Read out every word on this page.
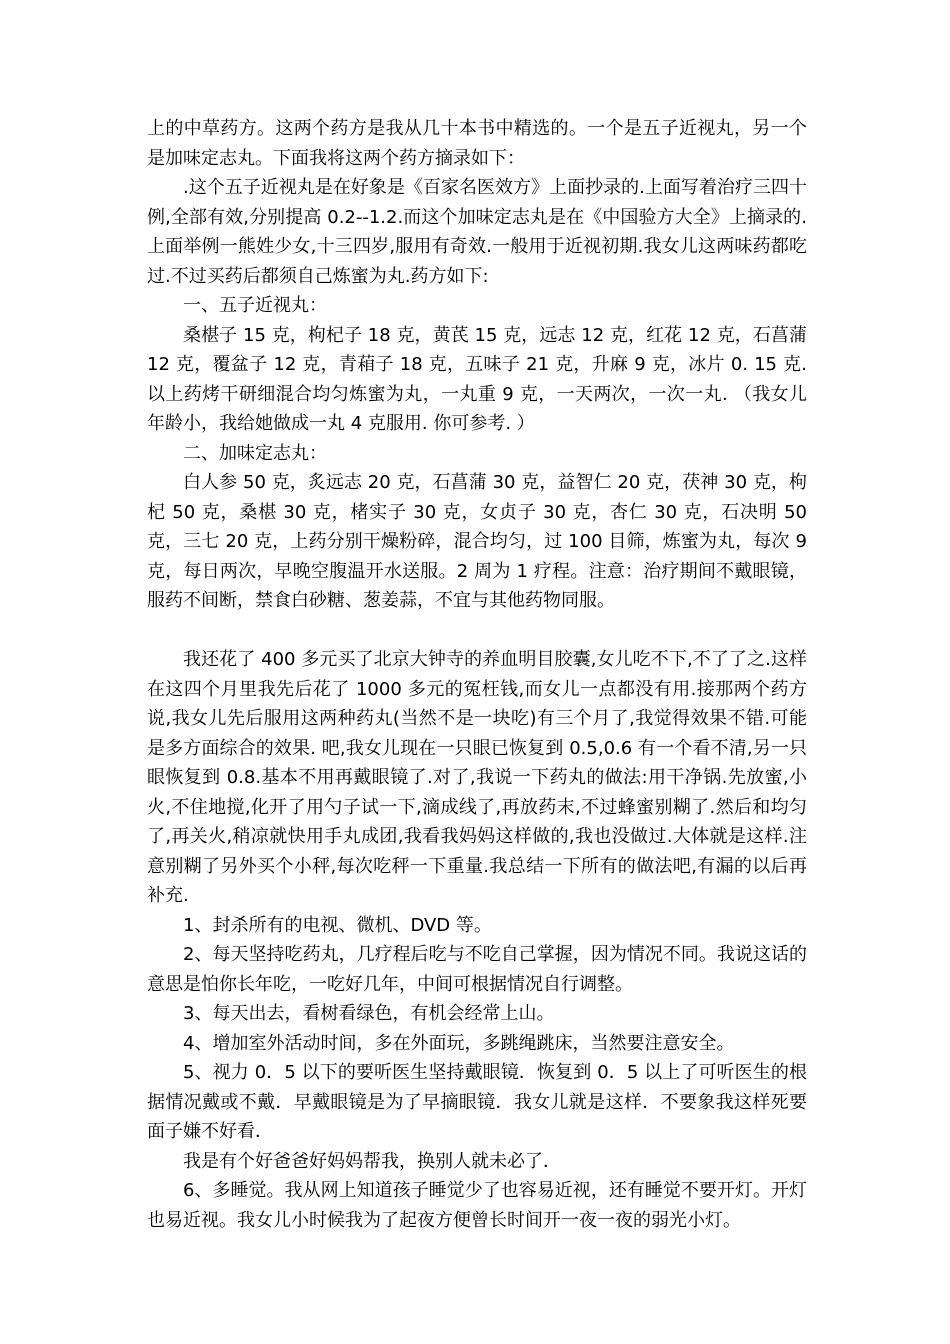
上的中草药方。这两个药方是我从几十本书中精选的。一个是五子近视丸，另一个是加味定志丸。下面我将这两个药方摘录如下：

.这个五子近视丸是在好象是《百家名医效方》上面抄录的.上面写着治疗三四十例,全部有效,分别提高 0.2--1.2.而这个加味定志丸是在《中国验方大全》上摘录的.上面举例一熊姓少女,十三四岁,服用有奇效.一般用于近视初期.我女儿这两味药都吃过.不过买药后都须自己炼蜜为丸.药方如下:

一、五子近视丸：

桑椹子 15 克，枸杞子 18 克，黄芪 15 克，远志 12 克，红花 12 克，石菖蒲 12 克，覆盆子 12 克，青葙子 18 克，五味子 21 克，升麻 9 克，冰片 0. 15 克. 以上药烤干研细混合均匀炼蜜为丸，一丸重 9 克，一天两次，一次一丸. （我女儿年龄小，我给她做成一丸 4 克服用. 你可参考. ）

二、加味定志丸：

白人参 50 克，炙远志 20 克，石菖蒲 30 克，益智仁 20 克，茯神 30 克，枸杞 50 克，桑椹 30 克，楮实子 30 克，女贞子 30 克，杏仁 30 克，石决明 50 克，三七 20 克，上药分别干燥粉碎，混合均匀，过 100 目筛，炼蜜为丸，每次 9 克，每日两次，早晚空腹温开水送服。2 周为 1 疗程。注意：治疗期间不戴眼镜，服药不间断，禁食白砂糖、葱姜蒜，不宜与其他药物同服。

我还花了 400 多元买了北京大钟寺的养血明目胶囊,女儿吃不下,不了了之.这样在这四个月里我先后花了 1000 多元的冤枉钱,而女儿一点都没有用.接那两个药方说,我女儿先后服用这两种药丸(当然不是一块吃)有三个月了,我觉得效果不错.可能是多方面综合的效果. 吧,我女儿现在一只眼已恢复到 0.5,0.6 有一个看不清,另一只眼恢复到 0.8.基本不用再戴眼镜了.对了,我说一下药丸的做法:用干净锅.先放蜜,小火,不住地搅,化开了用勺子试一下,滴成线了,再放药末,不过蜂蜜别糊了.然后和均匀了,再关火,稍凉就快用手丸成团,我看我妈妈这样做的,我也没做过.大体就是这样.注意别糊了另外买个小秤,每次吃秤一下重量.我总结一下所有的做法吧,有漏的以后再补充.

1、封杀所有的电视、微机、DVD 等。

2、每天坚持吃药丸，几疗程后吃与不吃自己掌握，因为情况不同。我说这话的意思是怕你长年吃，一吃好几年，中间可根据情况自行调整。

3、每天出去，看树看绿色，有机会经常上山。

4、增加室外活动时间，多在外面玩，多跳绳跳床，当然要注意安全。

5、视力 0．5 以下的要听医生坚持戴眼镜．恢复到 0．5 以上了可听医生的根据情况戴或不戴．早戴眼镜是为了早摘眼镜．我女儿就是这样．不要象我这样死要面子嫌不好看．

我是有个好爸爸好妈妈帮我，换别人就未必了．

6、多睡觉。我从网上知道孩子睡觉少了也容易近视，还有睡觉不要开灯。开灯也易近视。我女儿小时候我为了起夜方便曾长时间开一夜一夜的弱光小灯。
